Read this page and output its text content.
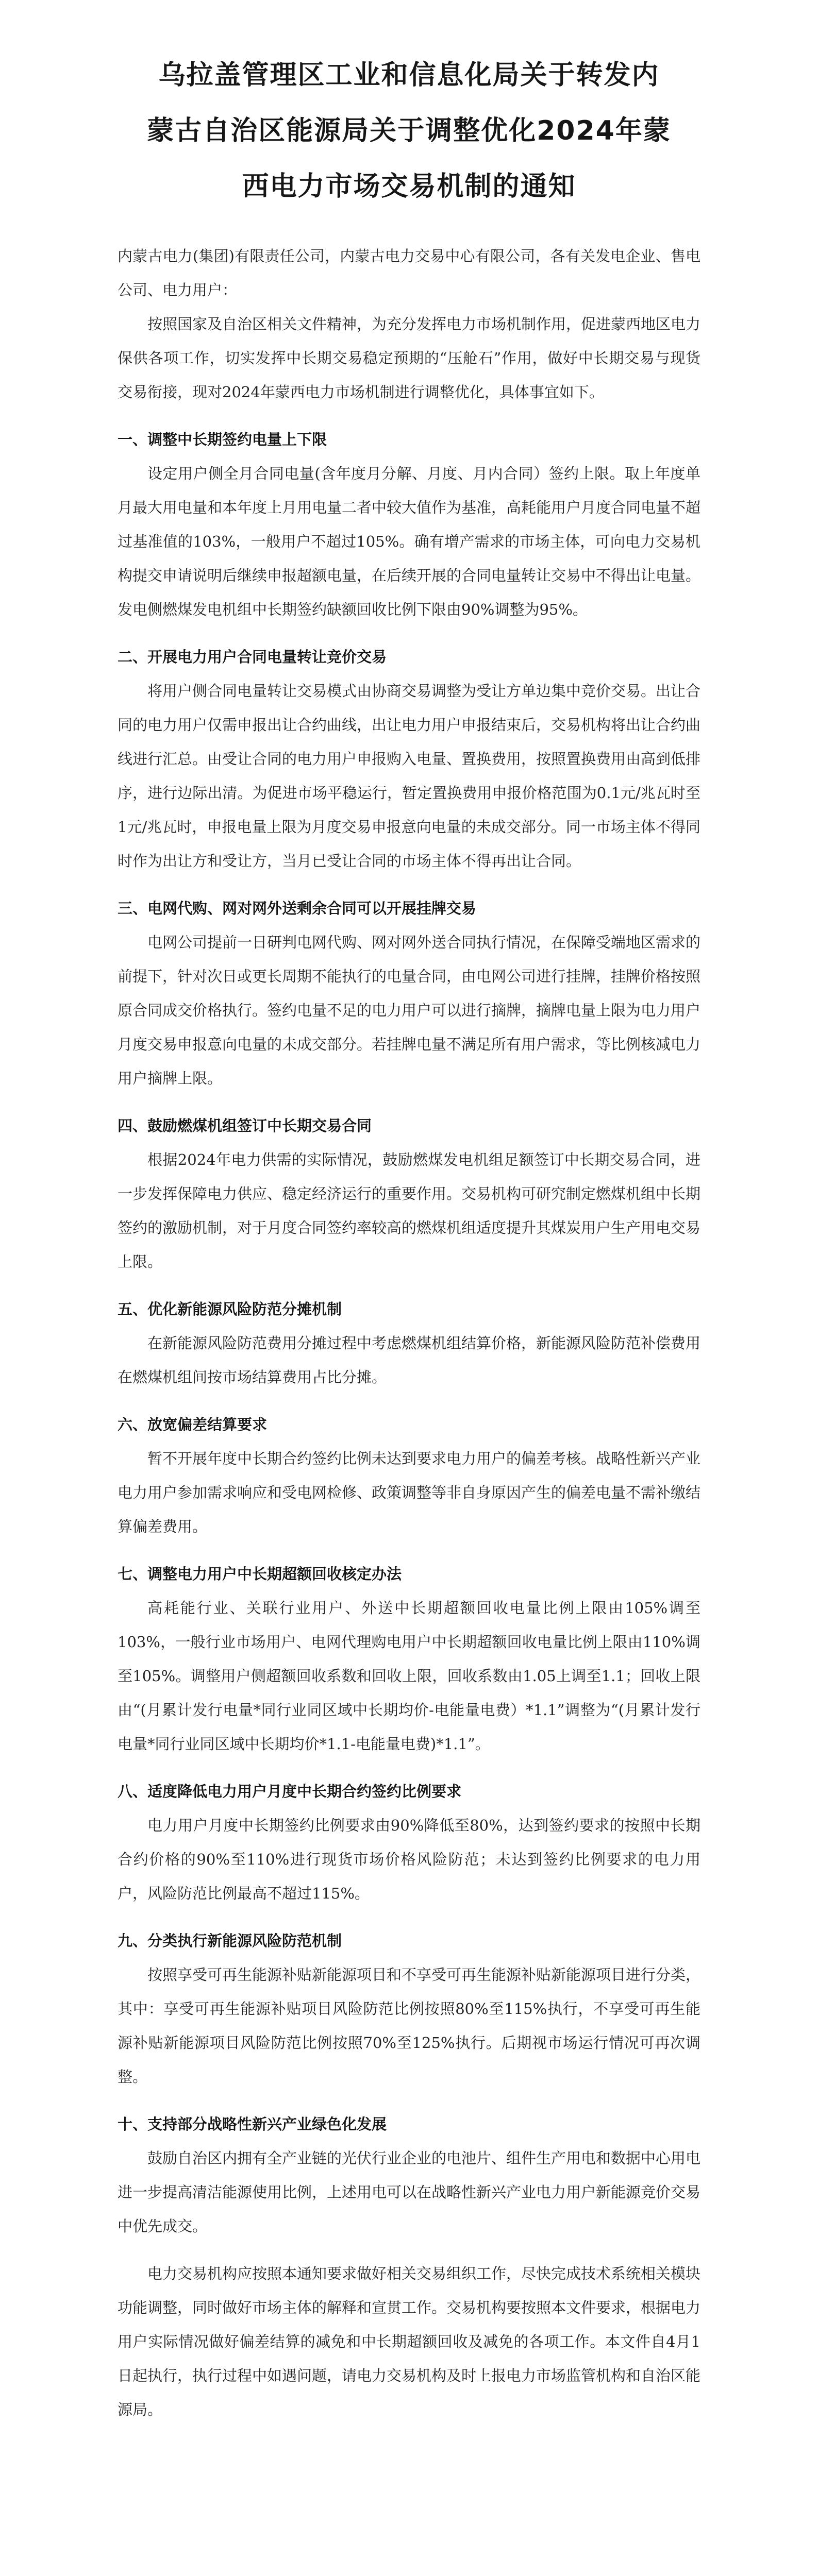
乌拉盖管理区工业和信息化局关于转发内
蒙古自治区能源局关于调整优化2024年蒙
西电力市场交易机制的通知

内蒙古电力(集团)有限责任公司，内蒙古电力交易中心有限公司，各有关发电企业、售电公司、电力用户：

按照国家及自治区相关文件精神，为充分发挥电力市场机制作用，促进蒙西地区电力保供各项工作，切实发挥中长期交易稳定预期的“压舱石”作用，做好中长期交易与现货交易衔接，现对2024年蒙西电力市场机制进行调整优化，具体事宜如下。

一、调整中长期签约电量上下限

设定用户侧全月合同电量(含年度月分解、月度、月内合同）签约上限。取上年度单月最大用电量和本年度上月用电量二者中较大值作为基准，高耗能用户月度合同电量不超过基准值的103%，一般用户不超过105%。确有增产需求的市场主体，可向电力交易机构提交申请说明后继续申报超额电量，在后续开展的合同电量转让交易中不得出让电量。发电侧燃煤发电机组中长期签约缺额回收比例下限由90%调整为95%。

二、开展电力用户合同电量转让竞价交易

将用户侧合同电量转让交易模式由协商交易调整为受让方单边集中竞价交易。出让合同的电力用户仅需申报出让合约曲线，出让电力用户申报结束后，交易机构将出让合约曲线进行汇总。由受让合同的电力用户申报购入电量、置换费用，按照置换费用由高到低排序，进行边际出清。为促进市场平稳运行，暂定置换费用申报价格范围为0.1元/兆瓦时至1元/兆瓦时，申报电量上限为月度交易申报意向电量的未成交部分。同一市场主体不得同时作为出让方和受让方，当月已受让合同的市场主体不得再出让合同。

三、电网代购、网对网外送剩余合同可以开展挂牌交易

电网公司提前一日研判电网代购、网对网外送合同执行情况，在保障受端地区需求的前提下，针对次日或更长周期不能执行的电量合同，由电网公司进行挂牌，挂牌价格按照原合同成交价格执行。签约电量不足的电力用户可以进行摘牌，摘牌电量上限为电力用户月度交易申报意向电量的未成交部分。若挂牌电量不满足所有用户需求，等比例核减电力用户摘牌上限。

四、鼓励燃煤机组签订中长期交易合同

根据2024年电力供需的实际情况，鼓励燃煤发电机组足额签订中长期交易合同，进一步发挥保障电力供应、稳定经济运行的重要作用。交易机构可研究制定燃煤机组中长期签约的激励机制，对于月度合同签约率较高的燃煤机组适度提升其煤炭用户生产用电交易上限。

五、优化新能源风险防范分摊机制

在新能源风险防范费用分摊过程中考虑燃煤机组结算价格，新能源风险防范补偿费用在燃煤机组间按市场结算费用占比分摊。

六、放宽偏差结算要求

暂不开展年度中长期合约签约比例未达到要求电力用户的偏差考核。战略性新兴产业电力用户参加需求响应和受电网检修、政策调整等非自身原因产生的偏差电量不需补缴结算偏差费用。

七、调整电力用户中长期超额回收核定办法

高耗能行业、关联行业用户、外送中长期超额回收电量比例上限由105%调至103%，一般行业市场用户、电网代理购电用户中长期超额回收电量比例上限由110%调至105%。调整用户侧超额回收系数和回收上限，回收系数由1.05上调至1.1；回收上限由“(月累计发行电量*同行业同区域中长期均价-电能量电费）*1.1”调整为“(月累计发行电量*同行业同区域中长期均价*1.1-电能量电费)*1.1”。

八、适度降低电力用户月度中长期合约签约比例要求

电力用户月度中长期签约比例要求由90%降低至80%，达到签约要求的按照中长期合约价格的90%至110%进行现货市场价格风险防范；未达到签约比例要求的电力用户，风险防范比例最高不超过115%。

九、分类执行新能源风险防范机制

按照享受可再生能源补贴新能源项目和不享受可再生能源补贴新能源项目进行分类，其中：享受可再生能源补贴项目风险防范比例按照80%至115%执行，不享受可再生能源补贴新能源项目风险防范比例按照70%至125%执行。后期视市场运行情况可再次调整。

十、支持部分战略性新兴产业绿色化发展

鼓励自治区内拥有全产业链的光伏行业企业的电池片、组件生产用电和数据中心用电进一步提高清洁能源使用比例，上述用电可以在战略性新兴产业电力用户新能源竞价交易中优先成交。

电力交易机构应按照本通知要求做好相关交易组织工作，尽快完成技术系统相关模块功能调整，同时做好市场主体的解释和宣贯工作。交易机构要按照本文件要求，根据电力用户实际情况做好偏差结算的减免和中长期超额回收及减免的各项工作。本文件自4月1日起执行，执行过程中如遇问题，请电力交易机构及时上报电力市场监管机构和自治区能源局。
